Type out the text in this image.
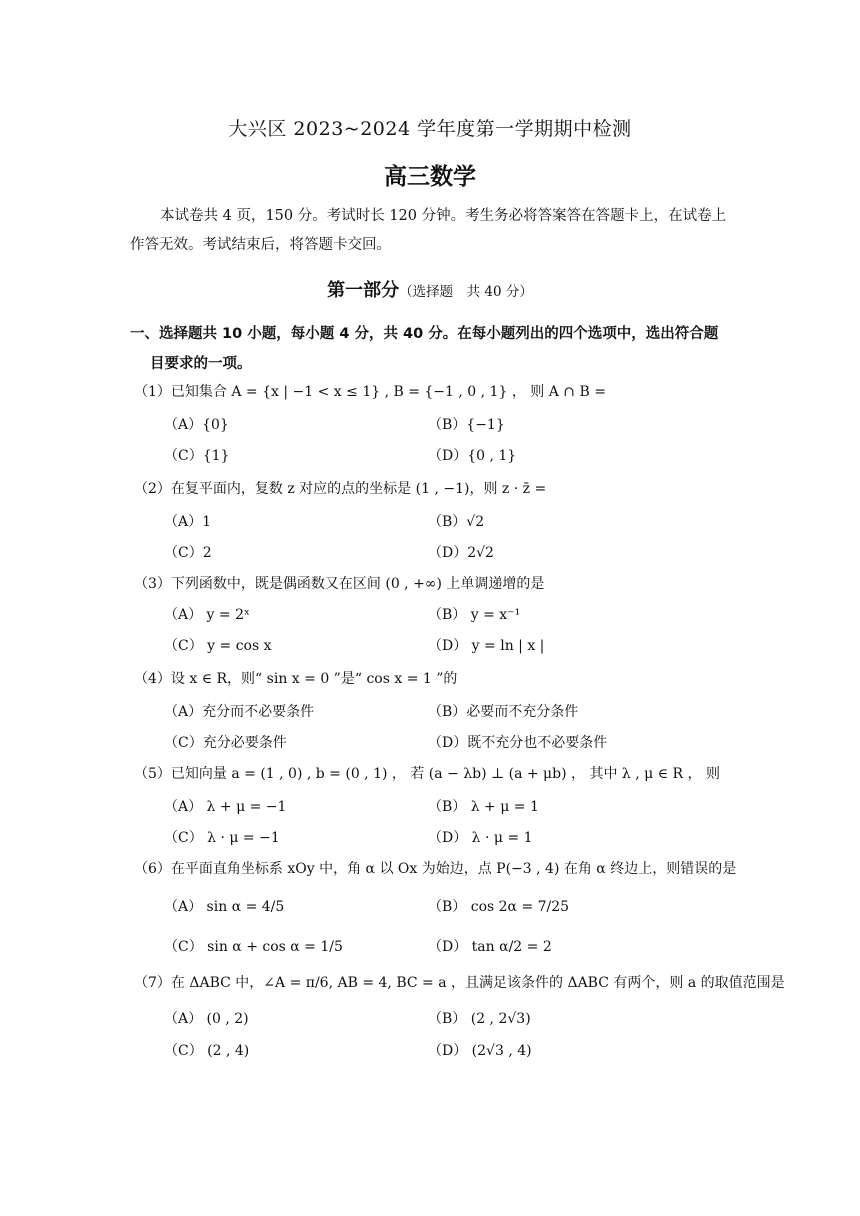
大兴区 2023~2024 学年度第一学期期中检测
高三数学
本试卷共 4 页，150 分。考试时长 120 分钟。考生务必将答案答在答题卡上，在试卷上作答无效。考试结束后，将答题卡交回。
第一部分（选择题　共 40 分）
一、选择题共 10 小题，每小题 4 分，共 40 分。在每小题列出的四个选项中，选出符合题
目要求的一项。
（1）已知集合 A = {x | −1 < x ≤ 1} , B = {−1 , 0 , 1} ， 则 A ∩ B =
（A）{0}	（B）{−1}
（C）{1}	（D）{0 , 1}
（2）在复平面内，复数 z 对应的点的坐标是 (1 , −1)，则 z · z̄ =
（A）1	（B）√2
（C）2	（D）2√2
（3）下列函数中，既是偶函数又在区间 (0 , +∞) 上单调递增的是
（A） y = 2ˣ	（B） y = x⁻¹
（C） y = cos x	（D） y = ln | x |
（4）设 x ∈ R，则“ sin x = 0 ”是“ cos x = 1 ”的
（A）充分而不必要条件	（B）必要而不充分条件
（C）充分必要条件	（D）既不充分也不必要条件
（5）已知向量 a = (1 , 0) , b = (0 , 1) ， 若 (a − λb) ⊥ (a + μb) ， 其中 λ , μ ∈ R ， 则
（A） λ + μ = −1	（B） λ + μ = 1
（C） λ · μ = −1	（D） λ · μ = 1
（6）在平面直角坐标系 xOy 中，角 α 以 Ox 为始边，点 P(−3 , 4) 在角 α 终边上，则错误的是
（A） sin α = 4/5	（B） cos 2α = 7/25
（C） sin α + cos α = 1/5	（D） tan α/2 = 2
（7）在 ΔABC 中，∠A = π/6, AB = 4, BC = a ，且满足该条件的 ΔABC 有两个，则 a 的取值范围是
（A） (0 , 2)	（B） (2 , 2√3)
（C） (2 , 4)	（D） (2√3 , 4)
